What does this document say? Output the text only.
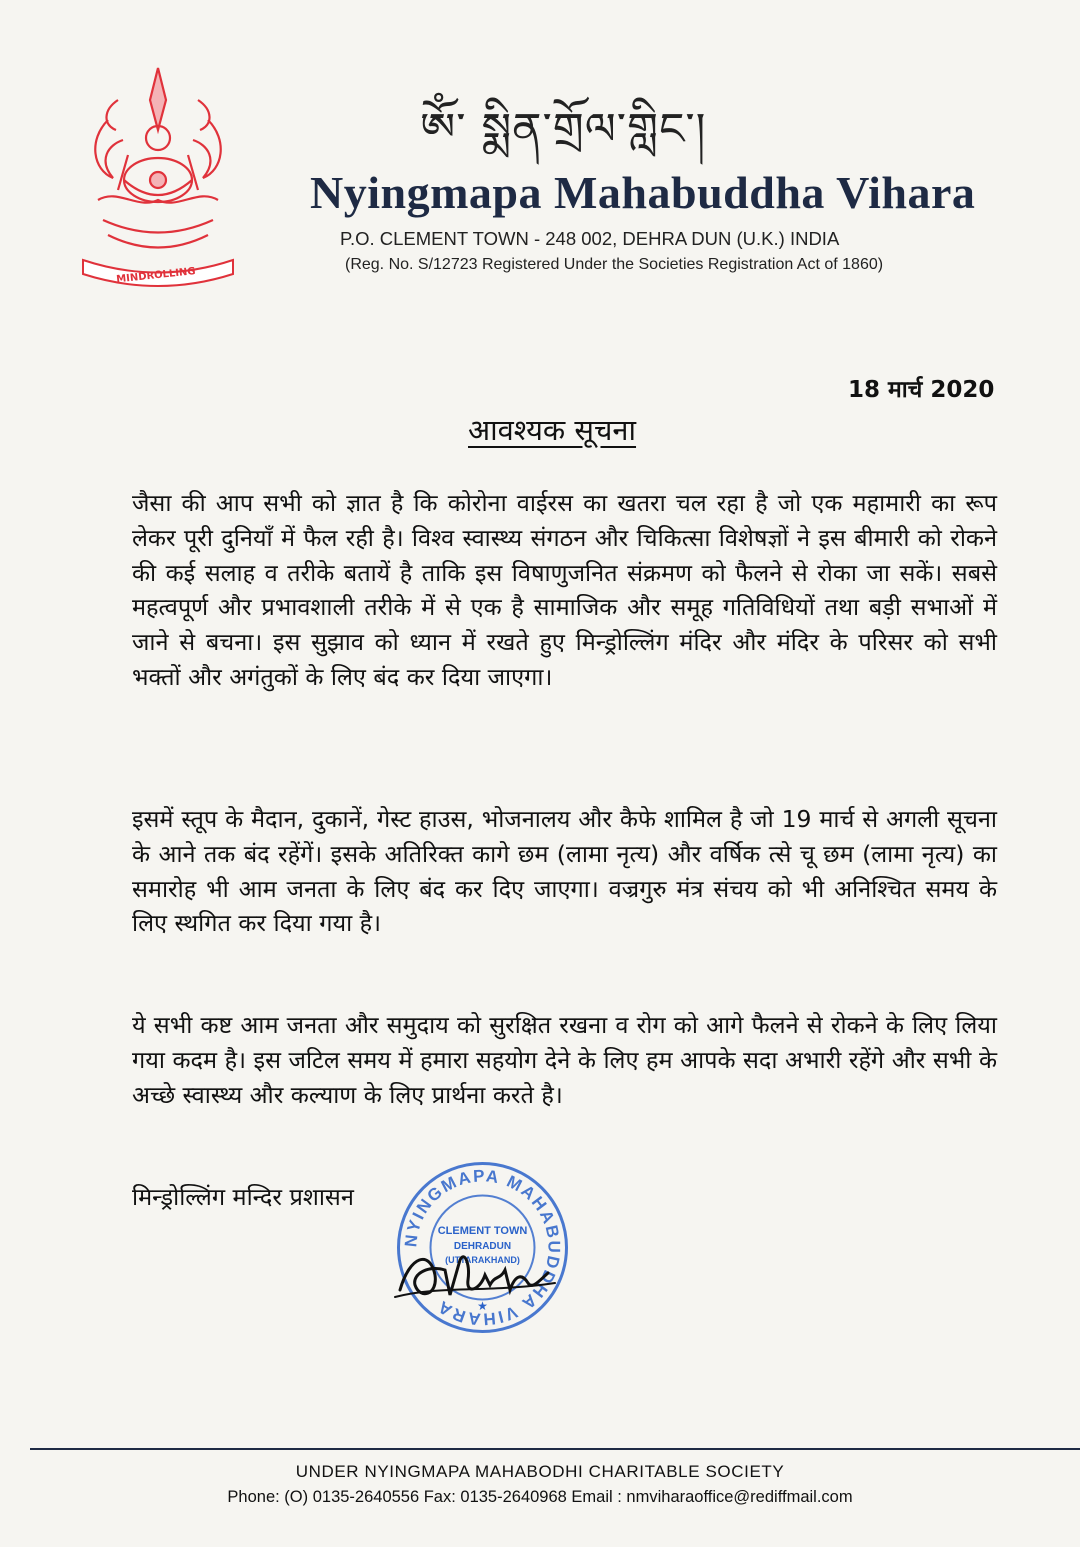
MINDROLLING
ཨོཾ་ སྨིན་གྲོལ་གླིང་།
Nyingmapa Mahabuddha Vihara
P.O. CLEMENT TOWN - 248 002, DEHRA DUN (U.K.) INDIA
(Reg. No. S/12723 Registered Under the Societies Registration Act of 1860)
18 मार्च 2020
आवश्यक सूचना
जैसा की आप सभी को ज्ञात है कि कोरोना वाईरस का खतरा चल रहा है जो एक महामारी का रूप लेकर पूरी दुनियाँ में फैल रही है। विश्व स्वास्थ्य संगठन और चिकित्सा विशेषज्ञों ने इस बीमारी को रोकने की कई सलाह व तरीके बतायें है ताकि इस विषाणुजनित संक्रमण को फैलने से रोका जा सकें। सबसे महत्वपूर्ण और प्रभावशाली तरीके में से एक है सामाजिक और समूह गतिविधियों तथा बड़ी सभाओं में जाने से बचना। इस सुझाव को ध्यान में रखते हुए मिन्ड्रोल्लिंग मंदिर और मंदिर के परिसर को सभी भक्तों और अगंतुकों के लिए बंद कर दिया जाएगा।
इसमें स्तूप के मैदान, दुकानें, गेस्ट हाउस, भोजनालय और कैफे शामिल है जो 19 मार्च से अगली सूचना के आने तक बंद रहेंगें। इसके अतिरिक्त कागे छम (लामा नृत्य) और वर्षिक त्से चू छम (लामा नृत्य) का समारोह भी आम जनता के लिए बंद कर दिए जाएगा। वज्रगुरु मंत्र संचय को भी अनिश्चित समय के लिए स्थगित कर दिया गया है।
ये सभी कष्ट आम जनता और समुदाय को सुरक्षित रखना व रोग को आगे फैलने से रोकने के लिए लिया गया कदम है। इस जटिल समय में हमारा सहयोग देने के लिए हम आपके सदा अभारी रहेंगे और सभी के अच्छे स्वास्थ्य और कल्याण के लिए प्रार्थना करते है।
मिन्ड्रोल्लिंग मन्दिर प्रशासन
NYINGMAPA MAHABUDDHA VIHARA
CLEMENT TOWN
DEHRADUN
(UTTARAKHAND)
★
UNDER NYINGMAPA MAHABODHI CHARITABLE SOCIETY
Phone: (O) 0135-2640556 Fax: 0135-2640968 Email : nmviharaoffice@rediffmail.com
